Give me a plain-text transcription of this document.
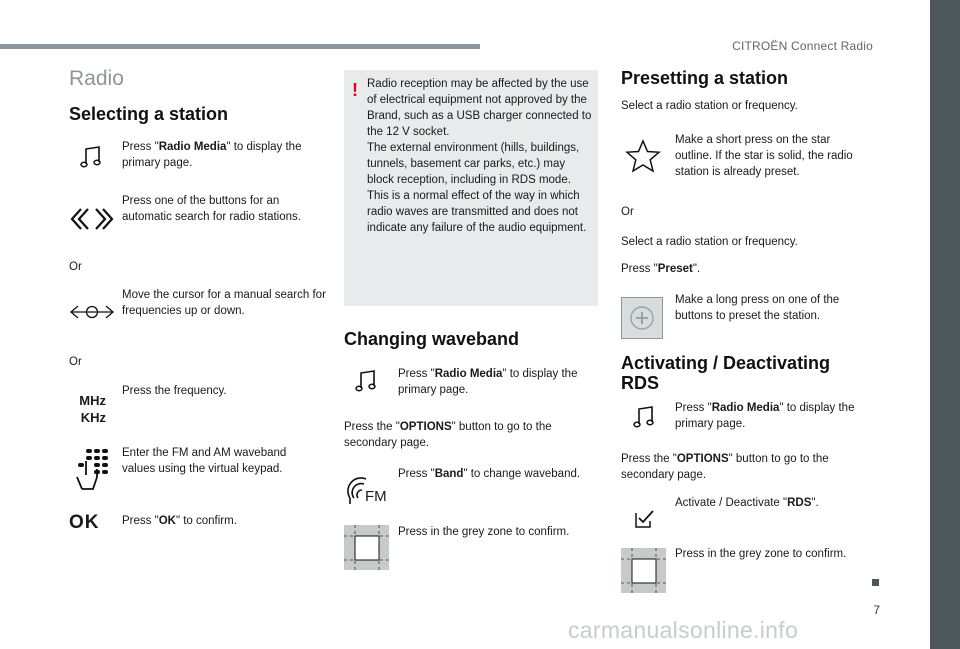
CITROËN Connect Radio
7
Radio
Selecting a station
Press "Radio Media" to display the primary page.
Press one of the buttons for an automatic search for radio stations.
Or
Move the cursor for a manual search for frequencies up or down.
Or
MHz
KHz
Press the frequency.
Enter the FM and AM waveband values using the virtual keypad.
OK Press "OK" to confirm.
! Radio reception may be affected by the use of electrical equipment not approved by the Brand, such as a USB charger connected to the 12 V socket.
The external environment (hills, buildings, tunnels, basement car parks, etc.) may block reception, including in RDS mode. This is a normal effect of the way in which radio waves are transmitted and does not indicate any failure of the audio equipment.
Changing waveband
Press "Radio Media" to display the primary page.
Press the "OPTIONS" button to go to the secondary page.
FM
Press "Band" to change waveband.
Press in the grey zone to confirm.
Presetting a station
Select a radio station or frequency.
Make a short press on the star outline. If the star is solid, the radio station is already preset.
Or
Select a radio station or frequency.
Press "Preset".
Make a long press on one of the buttons to preset the station.
Activating / Deactivating RDS
Press "Radio Media" to display the primary page.
Press the "OPTIONS" button to go to the secondary page.
Activate / Deactivate "RDS".
Press in the grey zone to confirm.
carmanualsonline.info
